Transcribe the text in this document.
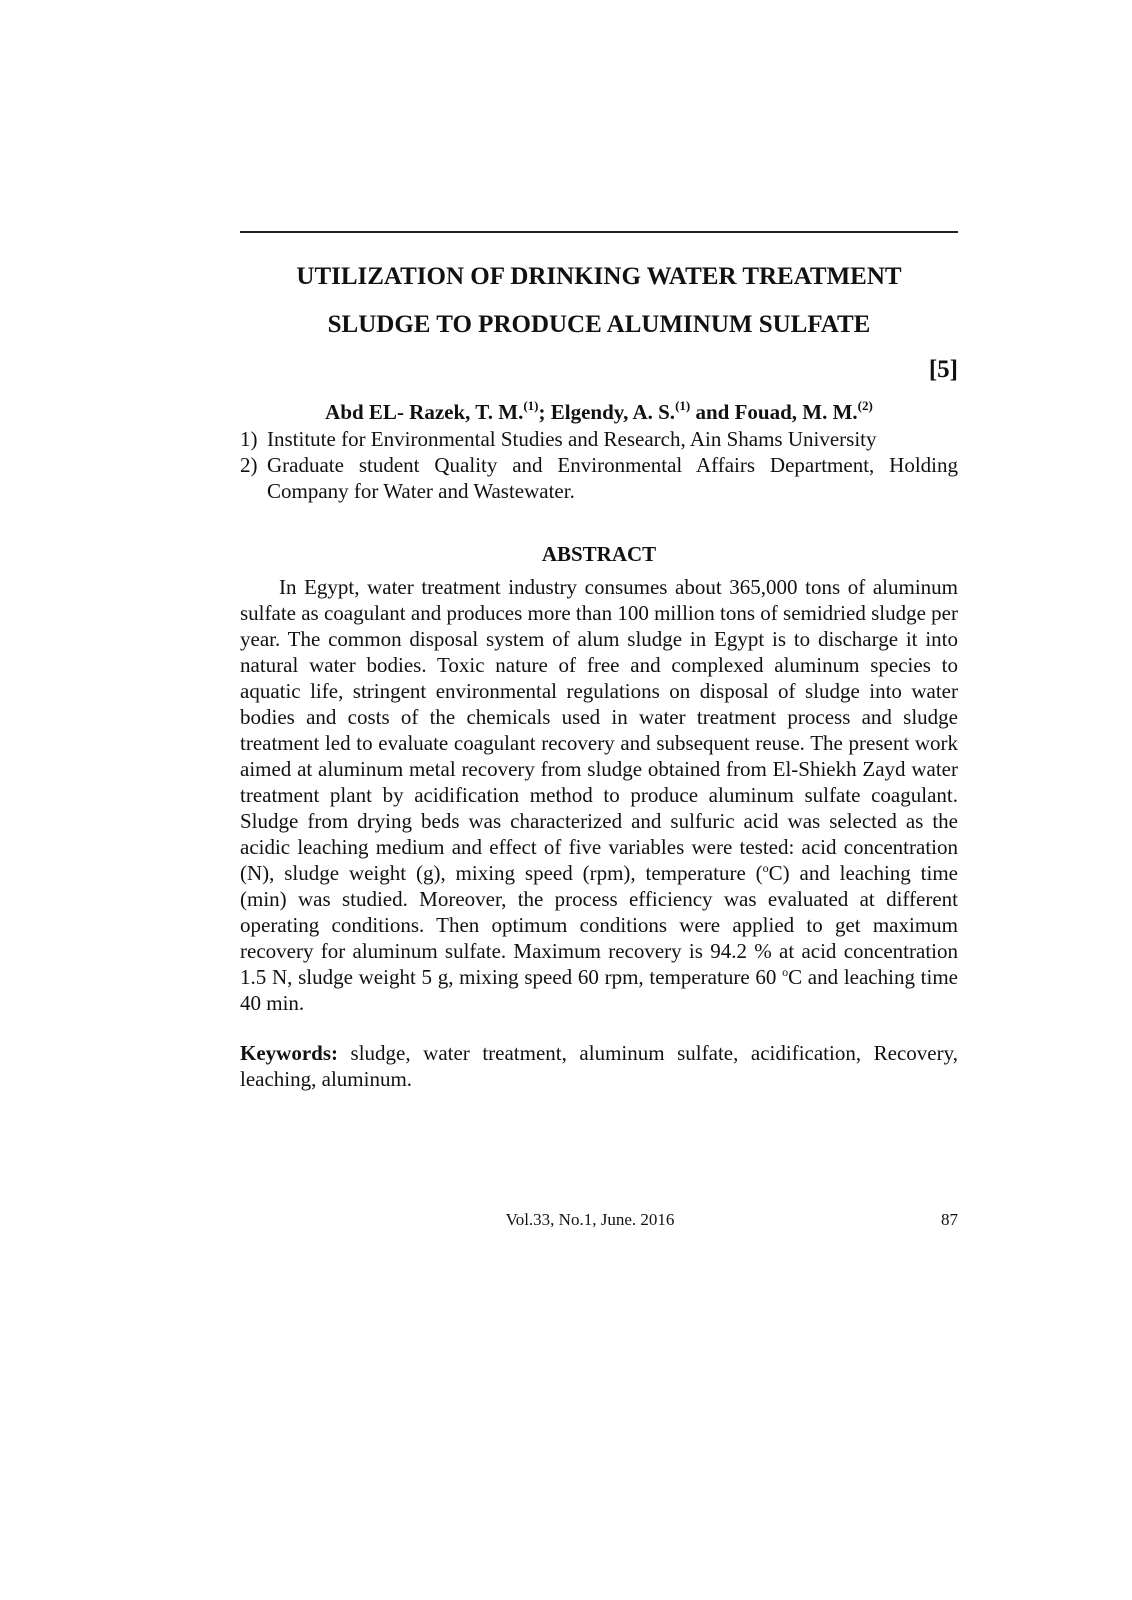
UTILIZATION OF DRINKING WATER TREATMENT
SLUDGE TO PRODUCE ALUMINUM SULFATE
[5]
Abd EL- Razek, T. M.$^{(1)}$; Elgendy, A. S.$^{(1)}$ and Fouad, M. M.$^{(2)}$
1) Institute for Environmental Studies and Research, Ain Shams University
2) Graduate student Quality and Environmental Affairs Department, Holding Company for Water and Wastewater.
ABSTRACT

In Egypt, water treatment industry consumes about 365,000 tons of aluminum sulfate as coagulant and produces more than 100 million tons of semidried sludge per year. The common disposal system of alum sludge in Egypt is to discharge it into natural water bodies. Toxic nature of free and complexed aluminum species to aquatic life, stringent environmental regulations on disposal of sludge into water bodies and costs of the chemicals used in water treatment process and sludge treatment led to evaluate coagulant recovery and subsequent reuse. The present work aimed at aluminum metal recovery from sludge obtained from El-Shiekh Zayd water treatment plant by acidification method to produce aluminum sulfate coagulant. Sludge from drying beds was characterized and sulfuric acid was selected as the acidic leaching medium and effect of five variables were tested: acid concentration (N), sludge weight (g), mixing speed (rpm), temperature ($^o$C) and leaching time (min) was studied. Moreover, the process efficiency was evaluated at different operating conditions. Then optimum conditions were applied to get maximum recovery for aluminum sulfate. Maximum recovery is 94.2 % at acid concentration 1.5 N, sludge weight 5 g, mixing speed 60 rpm, temperature 60 $^o$C and leaching time 40 min.

Keywords: sludge, water treatment, aluminum sulfate, acidification, Recovery, leaching, aluminum.

Vol.33, No.1, June. 2016	87
